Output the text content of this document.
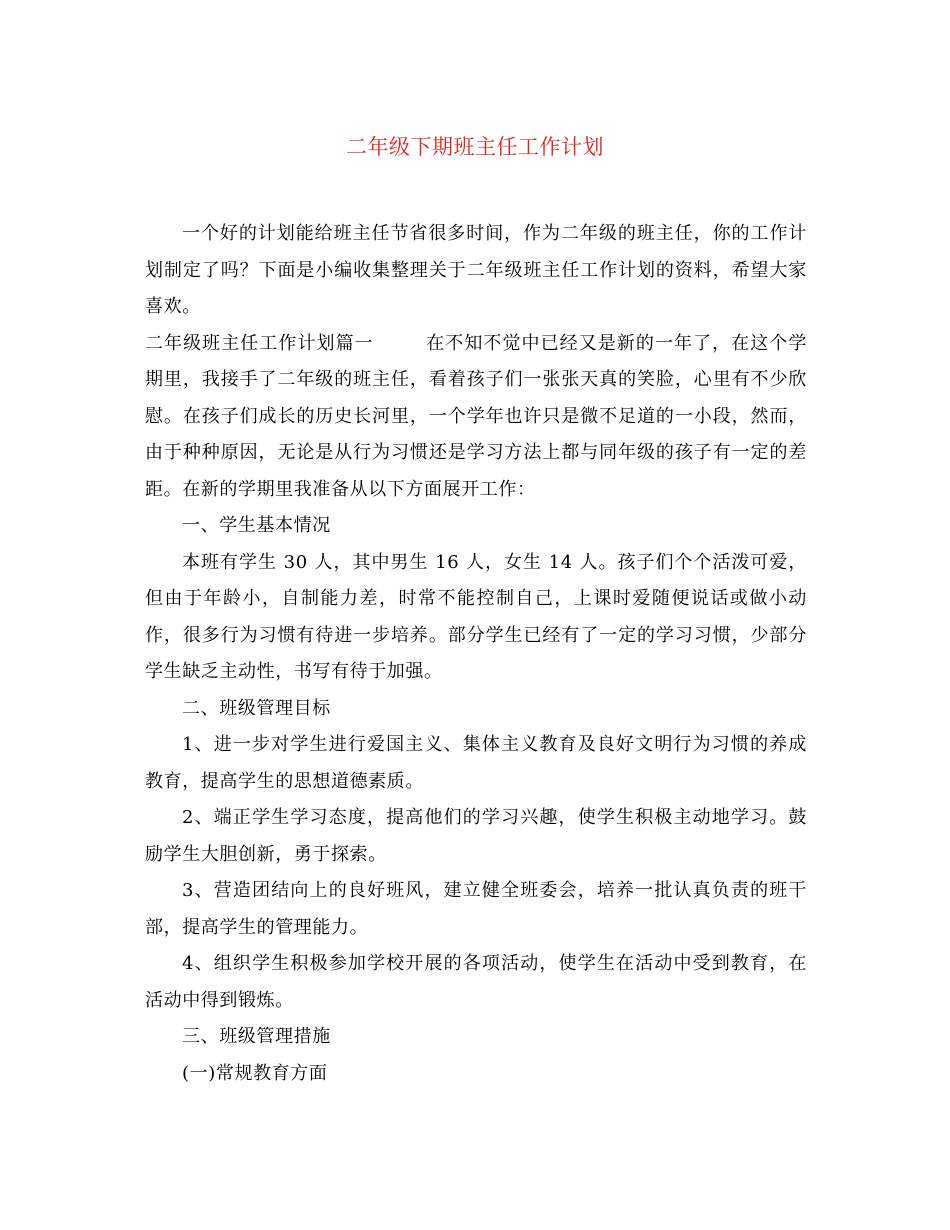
二年级下期班主任工作计划

一个好的计划能给班主任节省很多时间，作为二年级的班主任，你的工作计划制定了吗？下面是小编收集整理关于二年级班主任工作计划的资料，希望大家喜欢。

二年级班主任工作计划篇一	在不知不觉中已经又是新的一年了，在这个学期里，我接手了二年级的班主任，看着孩子们一张张天真的笑脸，心里有不少欣慰。在孩子们成长的历史长河里，一个学年也许只是微不足道的一小段，然而，由于种种原因，无论是从行为习惯还是学习方法上都与同年级的孩子有一定的差距。在新的学期里我准备从以下方面展开工作：

一、学生基本情况

本班有学生 30 人，其中男生 16 人，女生 14 人。孩子们个个活泼可爱，但由于年龄小，自制能力差，时常不能控制自己，上课时爱随便说话或做小动作，很多行为习惯有待进一步培养。部分学生已经有了一定的学习习惯，少部分学生缺乏主动性，书写有待于加强。

二、班级管理目标

1、进一步对学生进行爱国主义、集体主义教育及良好文明行为习惯的养成教育，提高学生的思想道德素质。

2、端正学生学习态度，提高他们的学习兴趣，使学生积极主动地学习。鼓励学生大胆创新，勇于探索。

3、营造团结向上的良好班风，建立健全班委会，培养一批认真负责的班干部，提高学生的管理能力。

4、组织学生积极参加学校开展的各项活动，使学生在活动中受到教育，在活动中得到锻炼。

三、班级管理措施

(一)常规教育方面
